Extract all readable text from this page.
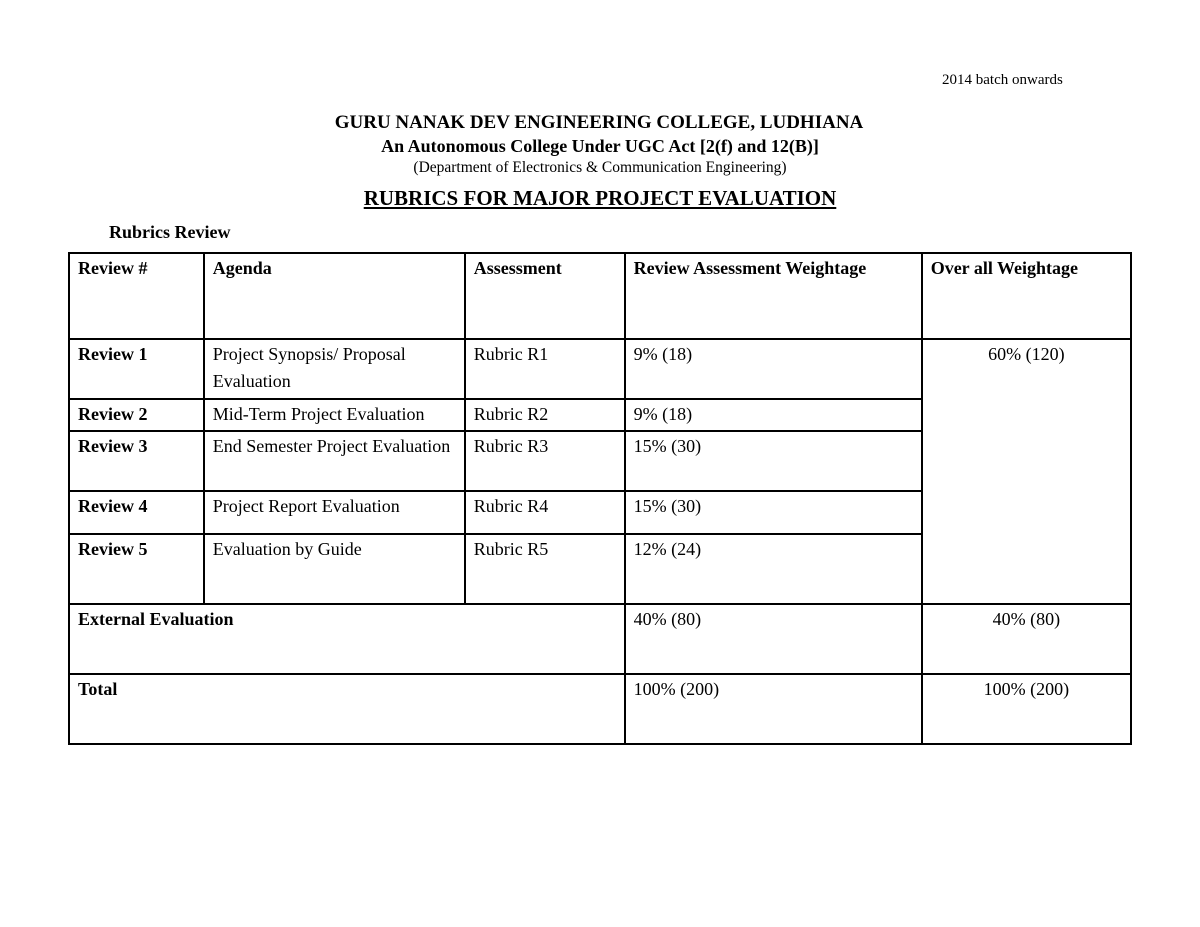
2014 batch onwards
GURU NANAK DEV ENGINEERING COLLEGE, LUDHIANA
An Autonomous College Under UGC Act [2(f) and 12(B)]
(Department of Electronics & Communication Engineering)
RUBRICS FOR MAJOR PROJECT EVALUATION
Rubrics Review
Review #	Agenda	Assessment	Review Assessment Weightage	Over all Weightage
Review 1	Project Synopsis/ Proposal Evaluation	Rubric R1	9% (18)	60% (120)
Review 2	Mid-Term Project Evaluation	Rubric R2	9% (18)	
Review 3	End Semester Project Evaluation	Rubric R3	15% (30)	
Review 4	Project Report Evaluation	Rubric R4	15% (30)	
Review 5	Evaluation by Guide	Rubric R5	12% (24)	
External Evaluation			40% (80)	40% (80)
Total			100% (200)	100% (200)
